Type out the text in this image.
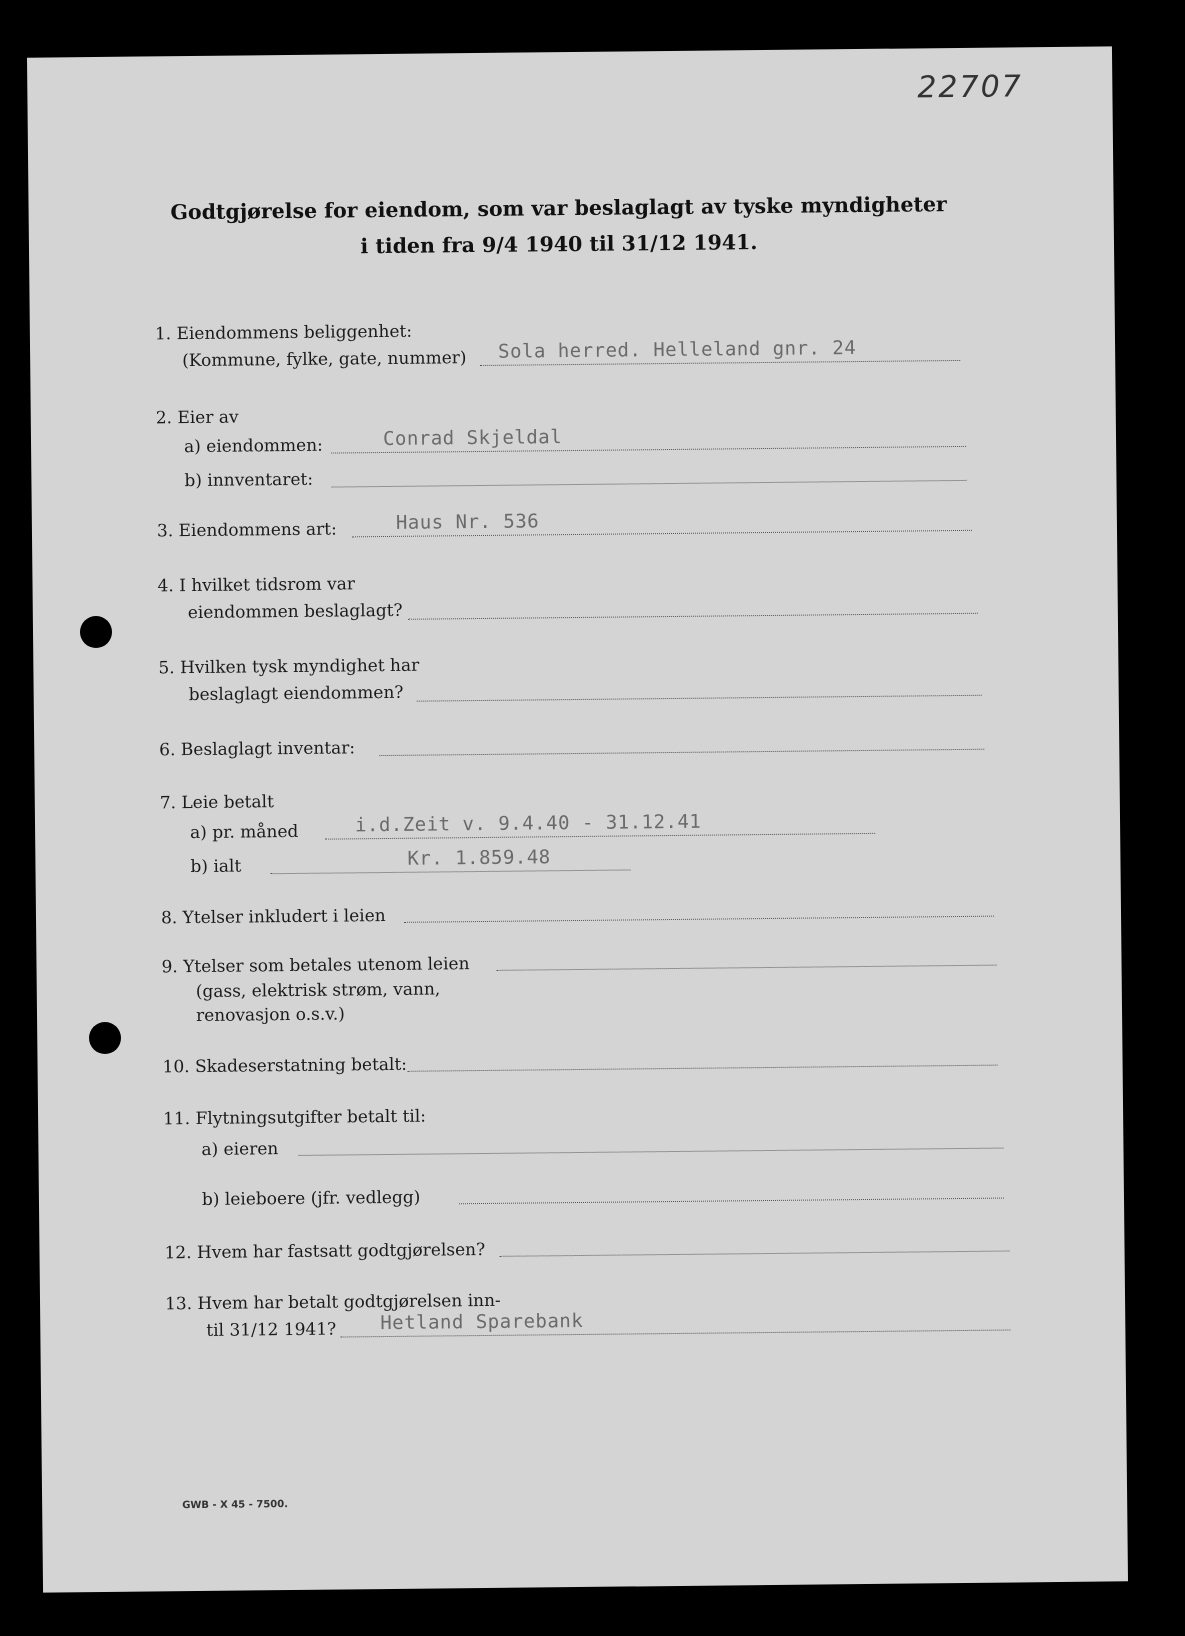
22707
Godtgjørelse for eiendom, som var beslaglagt av tyske myndigheter
i tiden fra 9/4 1940 til 31/12 1941.
1. Eiendommens beliggenhet:
(Kommune, fylke, gate, nummer) Sola herred. Helleland gnr. 24
2. Eier av
a) eiendommen:	Conrad Skjeldal
b) innventaret:
3. Eiendommens art:	Haus Nr. 536
4. I hvilket tidsrom var
eiendommen beslaglagt?
5. Hvilken tysk myndighet har
beslaglagt eiendommen?
6. Beslaglagt inventar:
7. Leie betalt
a) pr. måned	i.d.Zeit v. 9.4.40 - 31.12.41
b) ialt	Kr. 1.859.48
8. Ytelser inkludert i leien
9. Ytelser som betales utenom leien
(gass, elektrisk strøm, vann,
renovasjon o.s.v.)
10. Skadeserstatning betalt:
11. Flytningsutgifter betalt til:
a) eieren
b) leieboere (jfr. vedlegg)
12. Hvem har fastsatt godtgjørelsen?
13. Hvem har betalt godtgjørelsen inn-
til 31/12 1941? Hetland Sparebank
GWB - X 45 - 7500.
